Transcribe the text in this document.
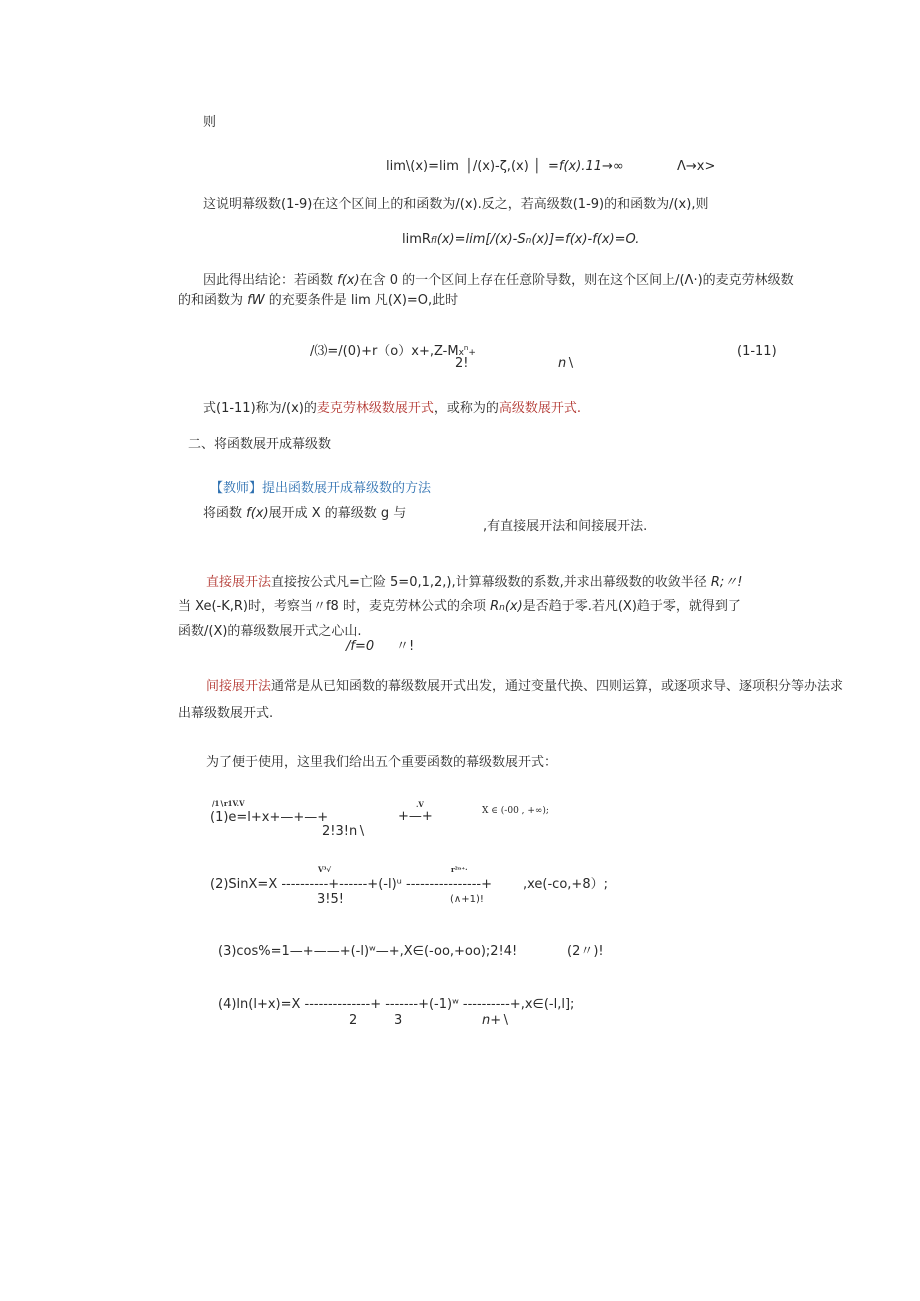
则
lim\(x)=lim │/(x)-ζ,(x) │ =f(x).11→∞	Λ→x>
这说明幕级数(1-9)在这个区间上的和函数为/(x).反之，若高级数(1-9)的和函数为/(x),则
limRfl(x)=lim[/(x)-Sn(x)]=f(x)-f(x)=O.
因此得出结论：若函数 f(x)在含 0 的一个区间上存在任意阶导数，则在这个区间上/(Λ·)的麦克劳林级数
的和函数为 fW 的充要条件是 lim 凡(X)=O,此时
$/⑶=/(0)+r(o)x+,Z-Mx^n+$
2!	n∖
(1-11)
式(1-11)称为/(x)的麦克劳林级数展开式，或称为的高级数展开式.
二、将函数展开成幕级数
【教师】提出函数展开成幕级数的方法
将函数 f(x)展开成 X 的幕级数 g 与
,有直接展开法和间接展开法.
直接展开法直接按公式凡=亡险 5=0,1,2,),计算幕级数的系数,并求出幕级数的收敛半径 R;〃!
当 Xe(-K,R)时，考察当〃f8 时，麦克劳林公式的余项 Rn(x)是否趋于零.若凡(X)趋于零，就得到了
函数/(X)的幕级数展开式之心山.
/f=0 〃!
间接展开法通常是从已知函数的幕级数展开式出发，通过变量代换、四则运算，或逐项求导、逐项积分等办法求
出幕级数展开式.
为了便于使用，这里我们给出五个重要函数的幕级数展开式：
/1∖r1V.V
(1)e=l+x+—+—+
.V
+—+	X ∈ (-00 , +∞);
2!3!n∖
V³√	r²ⁿ⁺·
(2)SinX=X ----------+------+(-l)ᵘ ----------------+ ,xe(-co,+8）;
3!5!	(∧+1)!
(3)cos%=1—+——+(-l)ʷ—+,X∈(-oo,+oo);2!4!	(2〃)!
(4)ln(l+x)=X --------------+ -------+(-1)ʷ ----------+,x∈(-l,l];
2	3	n+∖
